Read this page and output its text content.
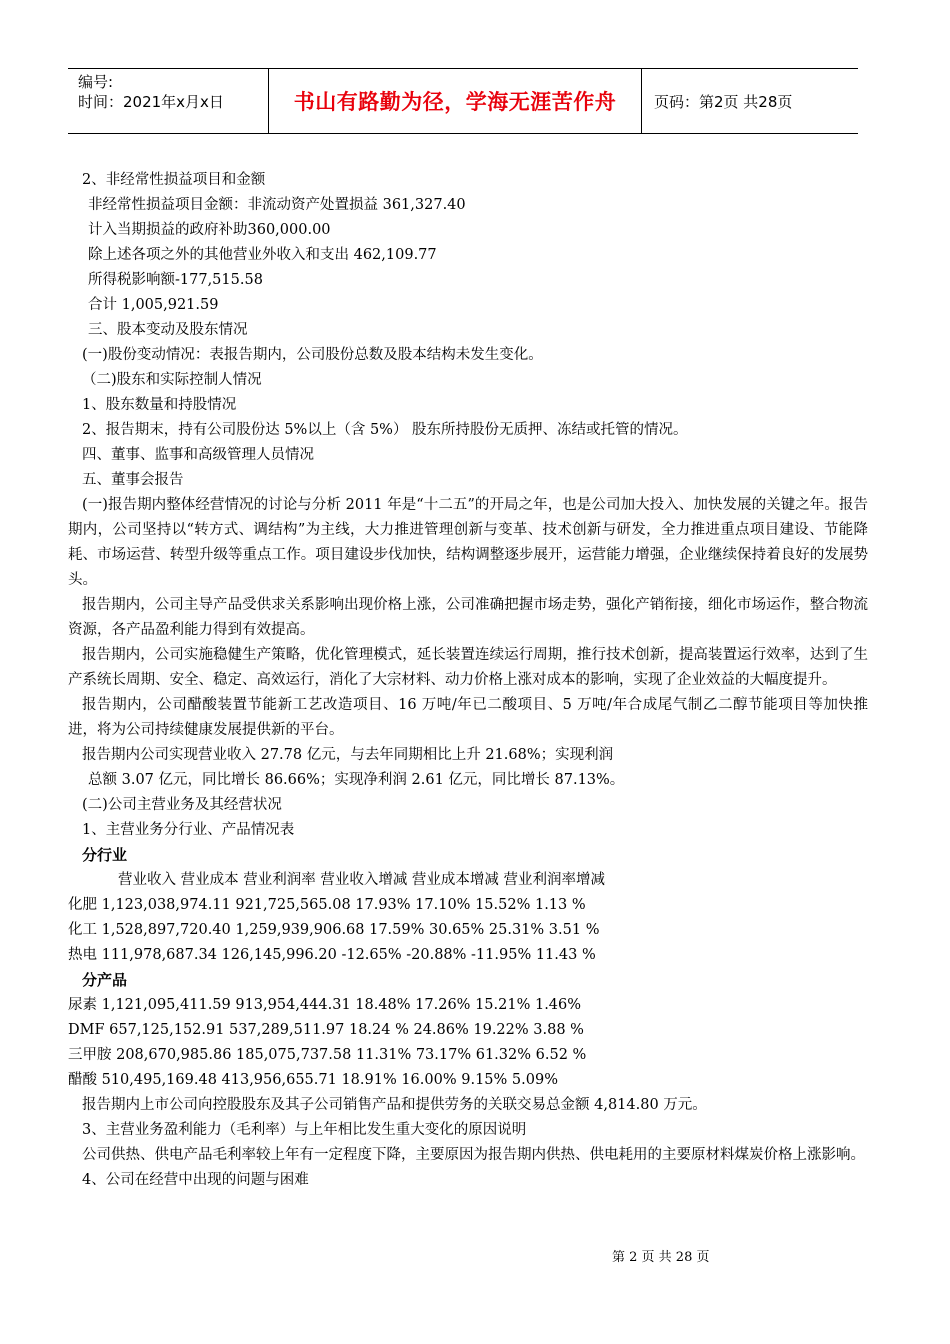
编号:
时间：2021年x月x日	书山有路勤为径，学海无涯苦作舟	页码：第2页 共28页
2、非经常性损益项目和金额
非经常性损益项目金额：非流动资产处置损益 361,327.40
计入当期损益的政府补助360,000.00
除上述各项之外的其他营业外收入和支出 462,109.77
所得税影响额-177,515.58
合计 1,005,921.59
三、股本变动及股东情况
(一)股份变动情况：表报告期内，公司股份总数及股本结构未发生变化。
（二)股东和实际控制人情况
1、股东数量和持股情况
2、报告期末，持有公司股份达 5%以上（含 5%） 股东所持股份无质押、冻结或托管的情况。
四、董事、监事和高级管理人员情况
五、董事会报告
(一)报告期内整体经营情况的讨论与分析 2011 年是“十二五”的开局之年，也是公司加大投入、加快发展的关键之年。报告期内，公司坚持以“转方式、调结构”为主线，大力推进管理创新与变革、技术创新与研发，全力推进重点项目建设、节能降耗、市场运营、转型升级等重点工作。项目建设步伐加快，结构调整逐步展开，运营能力增强，企业继续保持着良好的发展势头。
报告期内，公司主导产品受供求关系影响出现价格上涨，公司准确把握市场走势，强化产销衔接，细化市场运作，整合物流资源，各产品盈利能力得到有效提高。
报告期内，公司实施稳健生产策略，优化管理模式，延长装置连续运行周期，推行技术创新，提高装置运行效率，达到了生产系统长周期、安全、稳定、高效运行，消化了大宗材料、动力价格上涨对成本的影响，实现了企业效益的大幅度提升。
报告期内，公司醋酸装置节能新工艺改造项目、16 万吨/年已二酸项目、5 万吨/年合成尾气制乙二醇节能项目等加快推进，将为公司持续健康发展提供新的平台。
报告期内公司实现营业收入 27.78 亿元，与去年同期相比上升 21.68%；实现利润
总额 3.07 亿元，同比增长 86.66%；实现净利润 2.61 亿元，同比增长 87.13%。
(二)公司主营业务及其经营状况
1、主营业务分行业、产品情况表
分行业
营业收入 营业成本 营业利润率 营业收入增减 营业成本增减 营业利润率增减
化肥 1,123,038,974.11 921,725,565.08 17.93% 17.10% 15.52% 1.13 %
化工 1,528,897,720.40 1,259,939,906.68 17.59% 30.65% 25.31% 3.51 %
热电 111,978,687.34 126,145,996.20 -12.65% -20.88% -11.95% 11.43 %
分产品
尿素 1,121,095,411.59 913,954,444.31 18.48% 17.26% 15.21% 1.46%
DMF 657,125,152.91 537,289,511.97 18.24 % 24.86% 19.22% 3.88 %
三甲胺 208,670,985.86 185,075,737.58 11.31% 73.17% 61.32% 6.52 %
醋酸 510,495,169.48 413,956,655.71 18.91% 16.00% 9.15% 5.09%
报告期内上市公司向控股股东及其子公司销售产品和提供劳务的关联交易总金额 4,814.80 万元。
3、主营业务盈利能力（毛利率）与上年相比发生重大变化的原因说明
公司供热、供电产品毛利率较上年有一定程度下降，主要原因为报告期内供热、供电耗用的主要原材料煤炭价格上涨影响。
4、公司在经营中出现的问题与困难
第 2 页 共 28 页
